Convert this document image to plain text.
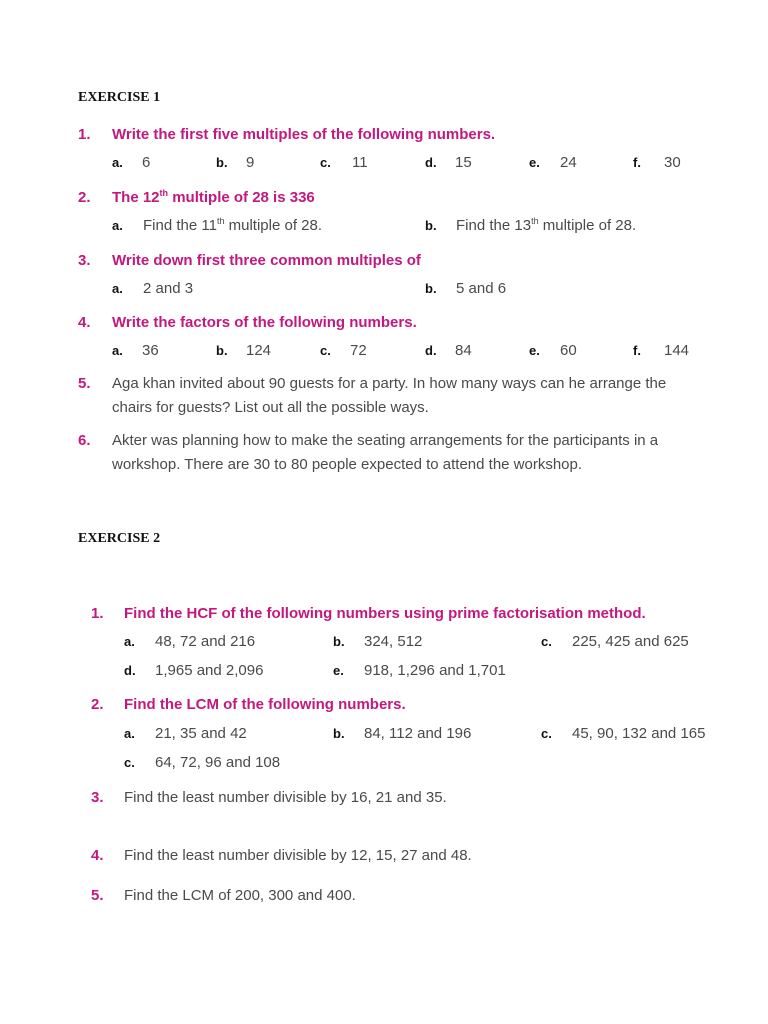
EXERCISE 1
1. Write the first five multiples of the following numbers.
a. 6	b. 9	c. 11	d. 15	e. 24	f. 30
2. The 12th multiple of 28 is 336
a. Find the 11th multiple of 28.	b. Find the 13th multiple of 28.
3. Write down first three common multiples of
a. 2 and 3	b. 5 and 6
4. Write the factors of the following numbers.
a. 36	b. 124	c. 72	d. 84	e. 60	f. 144
5. Aga khan invited about 90 guests for a party. In how many ways can he arrange the
chairs for guests? List out all the possible ways.
6. Akter was planning how to make the seating arrangements for the participants in a
workshop. There are 30 to 80 people expected to attend the workshop.
EXERCISE 2
1. Find the HCF of the following numbers using prime factorisation method.
a. 48, 72 and 216	b. 324, 512	c. 225, 425 and 625
d. 1,965 and 2,096	e. 918, 1,296 and 1,701
2. Find the LCM of the following numbers.
a. 21, 35 and 42	b. 84, 112 and 196	c. 45, 90, 132 and 165
c. 64, 72, 96 and 108
3. Find the least number divisible by 16, 21 and 35.
4. Find the least number divisible by 12, 15, 27 and 48.
5. Find the LCM of 200, 300 and 400.
